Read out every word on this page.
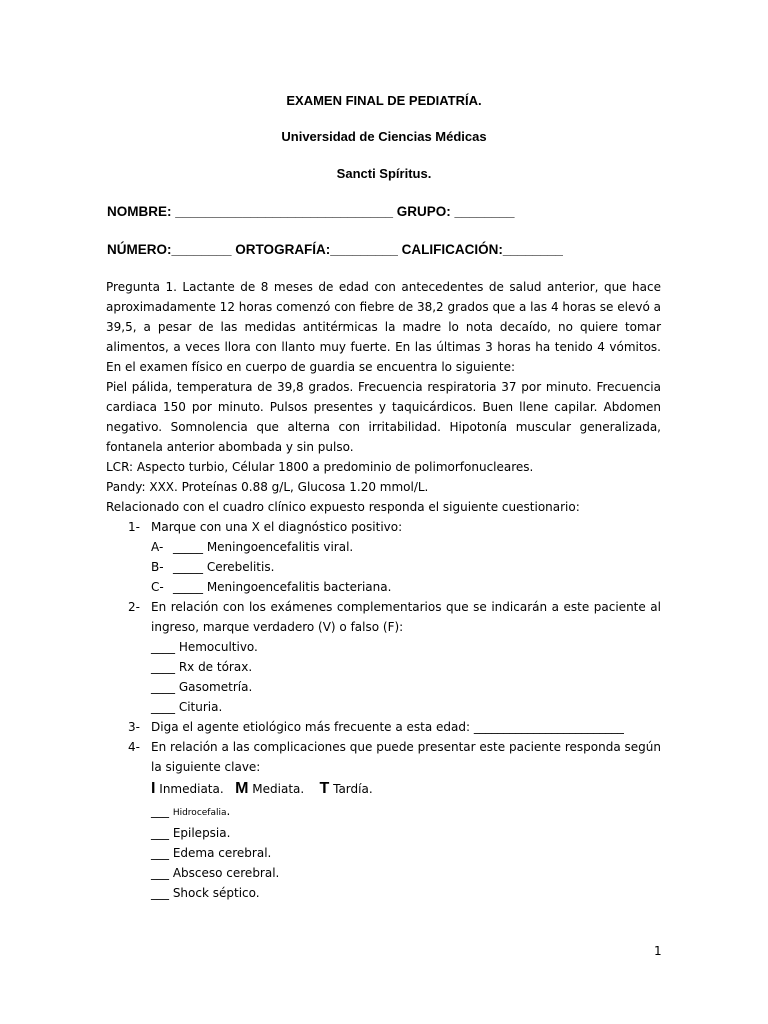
EXAMEN FINAL DE PEDIATRÍA.
Universidad de Ciencias Médicas
Sancti Spíritus.
NOMBRE: _____________________________ GRUPO: ________
NÚMERO:________ ORTOGRAFÍA:_________ CALIFICACIÓN:________

Pregunta 1. Lactante de 8 meses de edad con antecedentes de salud anterior, que hace aproximadamente 12 horas comenzó con fiebre de 38,2 grados que a las 4 horas se elevó a 39,5, a pesar de las medidas antitérmicas la madre lo nota decaído, no quiere tomar alimentos, a veces llora con llanto muy fuerte. En las últimas 3 horas ha tenido 4 vómitos. En el examen físico en cuerpo de guardia se encuentra lo siguiente:

Piel pálida, temperatura de 39,8 grados. Frecuencia respiratoria 37 por minuto. Frecuencia cardiaca 150 por minuto. Pulsos presentes y taquicárdicos. Buen llene capilar. Abdomen negativo. Somnolencia que alterna con irritabilidad. Hipotonía muscular generalizada, fontanela anterior abombada y sin pulso.

LCR: Aspecto turbio, Célular 1800 a predominio de polimorfonucleares.

Pandy: XXX. Proteínas 0.88 g/L, Glucosa 1.20 mmol/L.

Relacionado con el cuadro clínico expuesto responda el siguiente cuestionario:

1- Marque con una X el diagnóstico positivo:
A- _____ Meningoencefalitis viral.
B- _____ Cerebelitis.
C- _____ Meningoencefalitis bacteriana.
2- En relación con los exámenes complementarios que se indicarán a este paciente al ingreso, marque verdadero (V) o falso (F):
____ Hemocultivo.
____ Rx de tórax.
____ Gasometría.
____ Cituria.
3- Diga el agente etiológico más frecuente a esta edad: _________________________
4- En relación a las complicaciones que puede presentar este paciente responda según la siguiente clave:
I Inmediata. M Mediata. T Tardía.
___ Hidrocefalia.
___ Epilepsia.
___ Edema cerebral.
___ Absceso cerebral.
___ Shock séptico.
1
